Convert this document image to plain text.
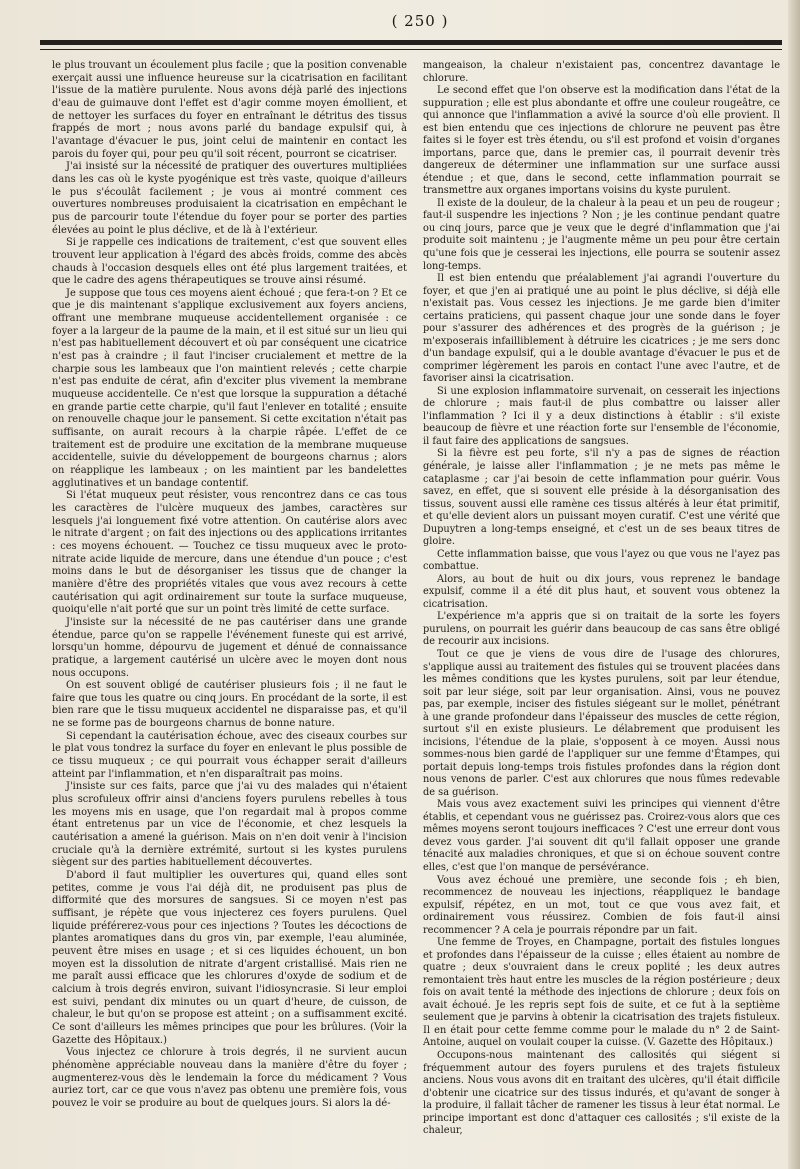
( 250 )

le plus trouvant un écoulement plus facile ; que la position convenable exerçait aussi une influence heureuse sur la cicatrisation en facilitant l'issue de la matière purulente. Nous avons déjà parlé des injections d'eau de guimauve dont l'effet est d'agir comme moyen émollient, et de nettoyer les surfaces du foyer en entraînant le détritus des tissus frappés de mort ; nous avons parlé du bandage expulsif qui, à l'avantage d'évacuer le pus, joint celui de maintenir en contact les parois du foyer qui, pour peu qu'il soit récent, pourront se cicatriser.

J'ai insisté sur la nécessité de pratiquer des ouvertures multipliées dans les cas où le kyste pyogénique est très vaste, quoique d'ailleurs le pus s'écoulât facilement ; je vous ai montré comment ces ouvertures nombreuses produisaient la cicatrisation en empêchant le pus de parcourir toute l'étendue du foyer pour se porter des parties élevées au point le plus déclive, et de là à l'extérieur.

Si je rappelle ces indications de traitement, c'est que souvent elles trouvent leur application à l'égard des abcès froids, comme des abcès chauds à l'occasion desquels elles ont été plus largement traitées, et que le cadre des agens thérapeutiques se trouve ainsi résumé.

Je suppose que tous ces moyens aient échoué ; que fera-t-on ? Et ce que je dis maintenant s'applique exclusivement aux foyers anciens, offrant une membrane muqueuse accidentellement organisée : ce foyer a la largeur de la paume de la main, et il est situé sur un lieu qui n'est pas habituellement découvert et où par conséquent une cicatrice n'est pas à craindre ; il faut l'inciser crucialement et mettre de la charpie sous les lambeaux que l'on maintient relevés ; cette charpie n'est pas enduite de cérat, afin d'exciter plus vivement la membrane muqueuse accidentelle. Ce n'est que lorsque la suppuration a détaché en grande partie cette charpie, qu'il faut l'enlever en totalité ; ensuite on renouvelle chaque jour le pansement. Si cette excitation n'était pas suffisante, on aurait recours à la charpie râpée. L'effet de ce traitement est de produire une excitation de la membrane muqueuse accidentelle, suivie du développement de bourgeons charnus ; alors on réapplique les lambeaux ; on les maintient par les bandelettes agglutinatives et un bandage contentif.

Si l'état muqueux peut résister, vous rencontrez dans ce cas tous les caractères de l'ulcère muqueux des jambes, caractères sur lesquels j'ai longuement fixé votre attention. On cautérise alors avec le nitrate d'argent ; on fait des injections ou des applications irritantes : ces moyens échouent. — Touchez ce tissu muqueux avec le proto-nitrate acide liquide de mercure, dans une étendue d'un pouce ; c'est moins dans le but de désorganiser les tissus que de changer la manière d'être des propriétés vitales que vous avez recours à cette cautérisation qui agit ordinairement sur toute la surface muqueuse, quoiqu'elle n'ait porté que sur un point très limité de cette surface.

J'insiste sur la nécessité de ne pas cautériser dans une grande étendue, parce qu'on se rappelle l'événement funeste qui est arrivé, lorsqu'un homme, dépourvu de jugement et dénué de connaissance pratique, a largement cautérisé un ulcère avec le moyen dont nous nous occupons.

On est souvent obligé de cautériser plusieurs fois ; il ne faut le faire que tous les quatre ou cinq jours. En procédant de la sorte, il est bien rare que le tissu muqueux accidentel ne disparaisse pas, et qu'il ne se forme pas de bourgeons charnus de bonne nature.

Si cependant la cautérisation échoue, avec des ciseaux courbes sur le plat vous tondrez la surface du foyer en enlevant le plus possible de ce tissu muqueux ; ce qui pourrait vous échapper serait d'ailleurs atteint par l'inflammation, et n'en disparaîtrait pas moins.

J'insiste sur ces faits, parce que j'ai vu des malades qui n'étaient plus scrofuleux offrir ainsi d'anciens foyers purulens rebelles à tous les moyens mis en usage, que l'on regardait mal à propos comme étant entretenus par un vice de l'économie, et chez lesquels la cautérisation a amené la guérison. Mais on n'en doit venir à l'incision cruciale qu'à la dernière extrémité, surtout si les kystes purulens siègent sur des parties habituellement découvertes.

D'abord il faut multiplier les ouvertures qui, quand elles sont petites, comme je vous l'ai déjà dit, ne produisent pas plus de difformité que des morsures de sangsues. Si ce moyen n'est pas suffisant, je répète que vous injecterez ces foyers purulens. Quel liquide préférerez-vous pour ces injections ? Toutes les décoctions de plantes aromatiques dans du gros vin, par exemple, l'eau aluminée, peuvent être mises en usage ; et si ces liquides échouent, un bon moyen est la dissolution de nitrate d'argent cristallisé. Mais rien ne me paraît aussi efficace que les chlorures d'oxyde de sodium et de calcium à trois degrés environ, suivant l'idiosyncrasie. Si leur emploi est suivi, pendant dix minutes ou un quart d'heure, de cuisson, de chaleur, le but qu'on se propose est atteint ; on a suffisamment excité. Ce sont d'ailleurs les mêmes principes que pour les brûlures. (Voir la Gazette des Hôpitaux.)

Vous injectez ce chlorure à trois degrés, il ne survient aucun phénomène appréciable nouveau dans la manière d'être du foyer ; augmenterez-vous dès le lendemain la force du médicament ? Vous auriez tort, car ce que vous n'avez pas obtenu une première fois, vous pouvez le voir se produire au bout de quelques jours. Si alors la dé-

mangeaison, la chaleur n'existaient pas, concentrez davantage le chlorure.

Le second effet que l'on observe est la modification dans l'état de la suppuration ; elle est plus abondante et offre une couleur rougeâtre, ce qui annonce que l'inflammation a avivé la source d'où elle provient. Il est bien entendu que ces injections de chlorure ne peuvent pas être faites si le foyer est très étendu, ou s'il est profond et voisin d'organes importans, parce que, dans le premier cas, il pourrait devenir très dangereux de déterminer une inflammation sur une surface aussi étendue ; et que, dans le second, cette inflammation pourrait se transmettre aux organes importans voisins du kyste purulent.

Il existe de la douleur, de la chaleur à la peau et un peu de rougeur ; faut-il suspendre les injections ? Non ; je les continue pendant quatre ou cinq jours, parce que je veux que le degré d'inflammation que j'ai produite soit maintenu ; je l'augmente même un peu pour être certain qu'une fois que je cesserai les injections, elle pourra se soutenir assez long-temps.

Il est bien entendu que préalablement j'ai agrandi l'ouverture du foyer, et que j'en ai pratiqué une au point le plus déclive, si déjà elle n'existait pas. Vous cessez les injections. Je me garde bien d'imiter certains praticiens, qui passent chaque jour une sonde dans le foyer pour s'assurer des adhérences et des progrès de la guérison ; je m'exposerais infailliblement à détruire les cicatrices ; je me sers donc d'un bandage expulsif, qui a le double avantage d'évacuer le pus et de comprimer légèrement les parois en contact l'une avec l'autre, et de favoriser ainsi la cicatrisation.

Si une explosion inflammatoire survenait, on cesserait les injections de chlorure ; mais faut-il de plus combattre ou laisser aller l'inflammation ? Ici il y a deux distinctions à établir : s'il existe beaucoup de fièvre et une réaction forte sur l'ensemble de l'économie, il faut faire des applications de sangsues.

Si la fièvre est peu forte, s'il n'y a pas de signes de réaction générale, je laisse aller l'inflammation ; je ne mets pas même le cataplasme ; car j'ai besoin de cette inflammation pour guérir. Vous savez, en effet, que si souvent elle préside à la désorganisation des tissus, souvent aussi elle ramène ces tissus altérés à leur état primitif, et qu'elle devient alors un puissant moyen curatif. C'est une vérité que Dupuytren a long-temps enseigné, et c'est un de ses beaux titres de gloire.

Cette inflammation baisse, que vous l'ayez ou que vous ne l'ayez pas combattue.

Alors, au bout de huit ou dix jours, vous reprenez le bandage expulsif, comme il a été dit plus haut, et souvent vous obtenez la cicatrisation.

L'expérience m'a appris que si on traitait de la sorte les foyers purulens, on pourrait les guérir dans beaucoup de cas sans être obligé de recourir aux incisions.

Tout ce que je viens de vous dire de l'usage des chlorures, s'applique aussi au traitement des fistules qui se trouvent placées dans les mêmes conditions que les kystes purulens, soit par leur étendue, soit par leur siége, soit par leur organisation. Ainsi, vous ne pouvez pas, par exemple, inciser des fistules siégeant sur le mollet, pénétrant à une grande profondeur dans l'épaisseur des muscles de cette région, surtout s'il en existe plusieurs. Le délabrement que produisent les incisions, l'étendue de la plaie, s'opposent à ce moyen. Aussi nous sommes-nous bien gardé de l'appliquer sur une femme d'Étampes, qui portait depuis long-temps trois fistules profondes dans la région dont nous venons de parler. C'est aux chlorures que nous fûmes redevable de sa guérison.

Mais vous avez exactement suivi les principes qui viennent d'être établis, et cependant vous ne guérissez pas. Croirez-vous alors que ces mêmes moyens seront toujours inefficaces ? C'est une erreur dont vous devez vous garder. J'ai souvent dit qu'il fallait opposer une grande ténacité aux maladies chroniques, et que si on échoue souvent contre elles, c'est que l'on manque de persévérance.

Vous avez échoué une première, une seconde fois ; eh bien, recommencez de nouveau les injections, réappliquez le bandage expulsif, répétez, en un mot, tout ce que vous avez fait, et ordinairement vous réussirez. Combien de fois faut-il ainsi recommencer ? A cela je pourrais répondre par un fait.

Une femme de Troyes, en Champagne, portait des fistules longues et profondes dans l'épaisseur de la cuisse ; elles étaient au nombre de quatre ; deux s'ouvraient dans le creux poplité ; les deux autres remontaient très haut entre les muscles de la région postérieure ; deux fois on avait tenté la méthode des injections de chlorure ; deux fois on avait échoué. Je les repris sept fois de suite, et ce fut à la septième seulement que je parvins à obtenir la cicatrisation des trajets fistuleux. Il en était pour cette femme comme pour le malade du n° 2 de Saint-Antoine, auquel on voulait couper la cuisse. (V. Gazette des Hôpitaux.)

Occupons-nous maintenant des callosités qui siégent si fréquemment autour des foyers purulens et des trajets fistuleux anciens. Nous vous avons dit en traitant des ulcères, qu'il était difficile d'obtenir une cicatrice sur des tissus indurés, et qu'avant de songer à la produire, il fallait tâcher de ramener les tissus à leur état normal. Le principe important est donc d'attaquer ces callosités ; s'il existe de la chaleur,
